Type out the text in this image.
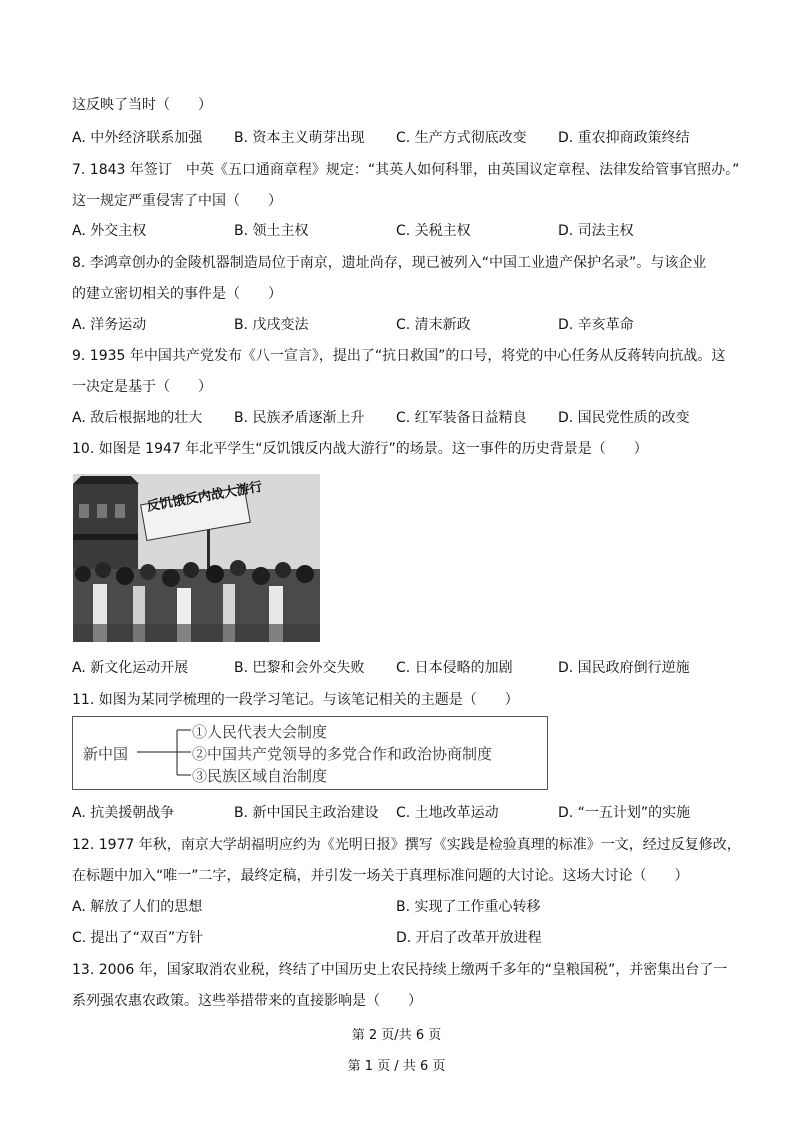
这反映了当时（　　）
A. 中外经济联系加强 B. 资本主义萌芽出现 C. 生产方式彻底改变 D. 重农抑商政策终结
7. 1843 年签订　中英《五口通商章程》规定：“其英人如何科罪，由英国议定章程、法律发给管事官照办。”
这一规定严重侵害了中国（　　）
A. 外交主权	B. 领土主权	C. 关税主权	D. 司法主权
8. 李鸿章创办的金陵机器制造局位于南京，遗址尚存，现已被列入“中国工业遗产保护名录”。与该企业
的建立密切相关的事件是（　　）
A. 洋务运动	B. 戊戌变法	C. 清末新政	D. 辛亥革命
9. 1935 年中国共产党发布《八一宣言》，提出了“抗日救国”的口号，将党的中心任务从反蒋转向抗战。这
一决定是基于（　　）
A. 敌后根据地的壮大 B. 民族矛盾逐渐上升 C. 红军装备日益精良 D. 国民党性质的改变
10. 如图是 1947 年北平学生“反饥饿反内战大游行”的场景。这一事件的历史背景是（　　）
反饥饿反内战大游行
A. 新文化运动开展	B. 巴黎和会外交失败 C. 日本侵略的加剧	D. 国民政府倒行逆施
11. 如图为某同学梳理的一段学习笔记。与该笔记相关的主题是（　　）
新中国
①人民代表大会制度
②中国共产党领导的多党合作和政治协商制度
③民族区域自治制度
A. 抗美援朝战争	B. 新中国民主政治建设 C. 土地改革运动	D. “一五计划”的实施
12. 1977 年秋，南京大学胡福明应约为《光明日报》撰写《实践是检验真理的标准》一文，经过反复修改，
在标题中加入“唯一”二字，最终定稿，并引发一场关于真理标准问题的大讨论。这场大讨论（　　）
A. 解放了人们的思想	B. 实现了工作重心转移
C. 提出了“双百”方针	D. 开启了改革开放进程
13. 2006 年，国家取消农业税，终结了中国历史上农民持续上缴两千多年的“皇粮国税”，并密集出台了一
系列强农惠农政策。这些举措带来的直接影响是（　　）
第 2 页/共 6 页
第 1 页 / 共 6 页
